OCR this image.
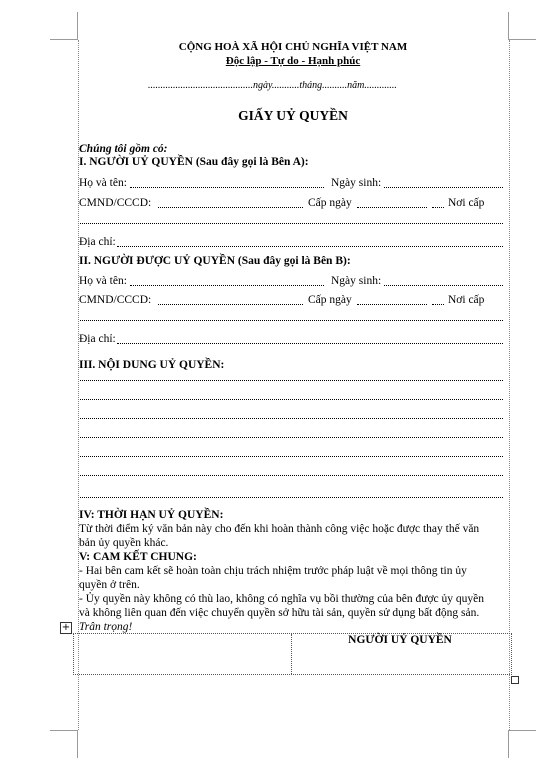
CỘNG HOÀ XÃ HỘI CHỦ NGHĨA VIỆT NAM
Độc lập - Tự do - Hạnh phúc
..........................................ngày...........tháng..........năm.............
GIẤY UỶ QUYỀN
Chúng tôi gồm có:
I. NGƯỜI UỶ QUYỀN (Sau đây gọi là Bên A):
Họ và tên:	Ngày sinh:
CMND/CCCD:	Cấp ngày	Nơi cấp
Địa chỉ:
II. NGƯỜI ĐƯỢC UỶ QUYỀN (Sau đây gọi là Bên B):
Họ và tên:	Ngày sinh:
CMND/CCCD:	Cấp ngày	Nơi cấp
Địa chỉ:
III. NỘI DUNG UỶ QUYỀN:
IV: THỜI HẠN UỶ QUYỀN:
Từ thời điểm ký văn bản này cho đến khi hoàn thành công việc hoặc được thay thế văn
bản ủy quyền khác.
V: CAM KẾT CHUNG:
- Hai bên cam kết sẽ hoàn toàn chịu trách nhiệm trước pháp luật về mọi thông tin ủy
quyền ở trên.
- Ủy quyền này không có thù lao, không có nghĩa vụ bồi thường của bên được ủy quyền
và không liên quan đến việc chuyển quyền sở hữu tài sản, quyền sử dụng bất động sản.
+ Trân trọng!
NGƯỜI UỶ QUYỀN
